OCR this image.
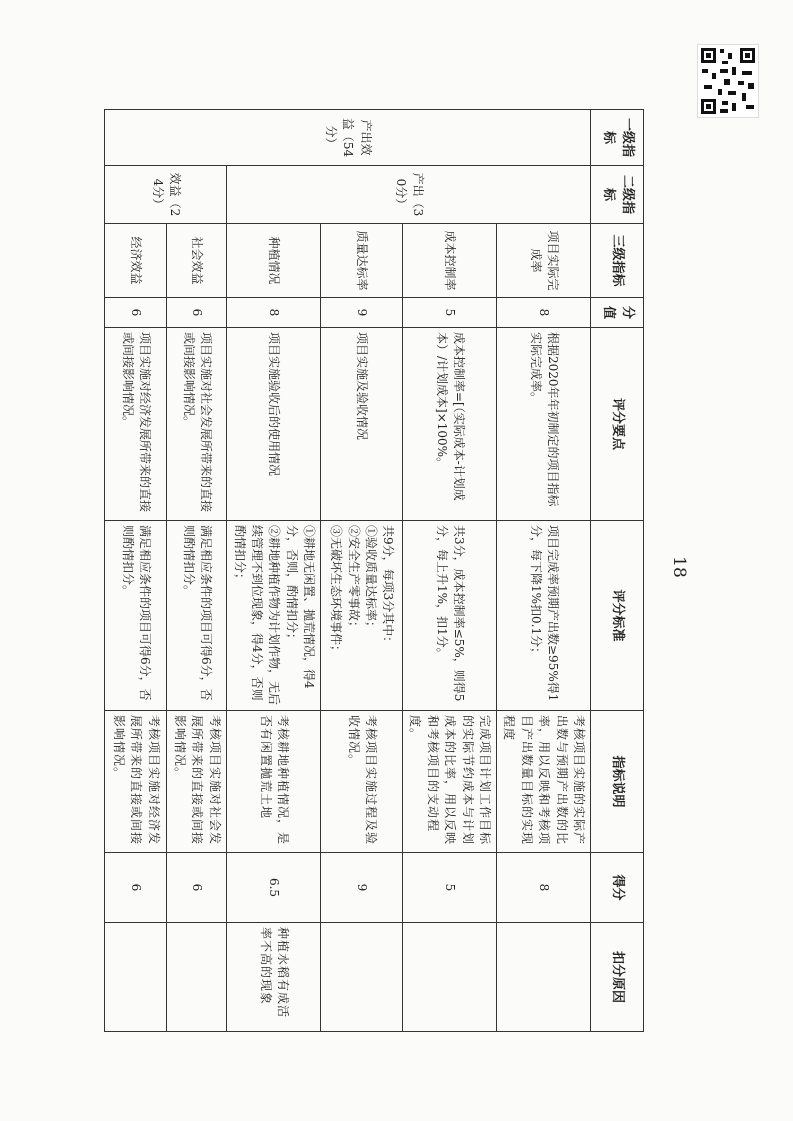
18
一级指标	二级指标	三级指标	分值	评分要点	评分标准	指标说明	得分	扣分原因
产出效益（54分）	产出（30分）	项目实际完成率	8	根据2020年年初制定的项目指标实际完成率。	项目完成率预期产出数≥95%得1分，每下降1%扣0.1分；	考核项目实施的实际产出数与预期产出数的比率，用以反映和考核项目产出数量目标的实现程度	8	
		成本控制率	5	成本控制率=[（实际成本-计划成本）/计划成本]×100%。	共3分，成本控制率≤5%，则得5分，每上升1%，扣1分。	完成项目计划工作目标的实际节约成本与计划成本的比率，用以反映和考核项目的支动程度。	5	
		质量达标率	9	项目实施及验收情况	共9分，每项3分其中：
①验收质量达标率；
②安全生产零事故；
③无破坏生态环境事件；	考核项目实施过程及验收情况。	9	
		种植情况	8	项目实施验收后的使用情况	①耕地无闲置、抛荒情况，得4分，否则，酌情扣分；
②耕地种植作物为计划作物，无后续管理不到位现象，得4分，否则酌情扣分；	考核耕地种植情况，是否有闲置抛荒土地	6.5	种植水稻有成活率不高的现象
	效益（24分）	社会效益	6	项目实施对社会发展所带来的直接或间接影响情况。	满足相应条件的项目可得6分，否则酌情扣分。	考核项目实施对社会发展所带来的直接或间接影响情况。	6	
		经济效益	6	项目实施对经济发展所带来的直接或间接影响情况。	满足相应条件的项目可得6分，否则酌情扣分。	考核项目实施对经济发展所带来的直接或间接影响情况。	6	
